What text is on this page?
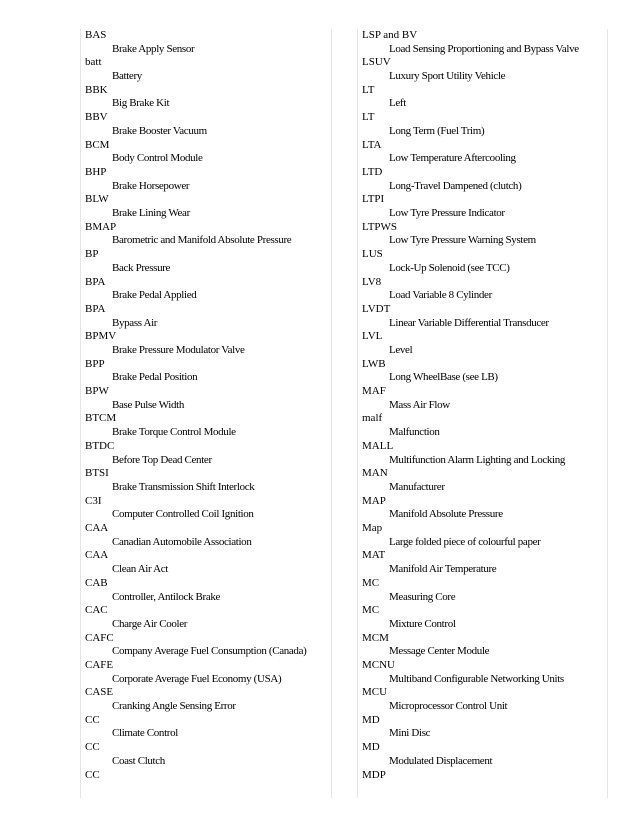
BAS
Brake Apply Sensor
batt
Battery
BBK
Big Brake Kit
BBV
Brake Booster Vacuum
BCM
Body Control Module
BHP
Brake Horsepower
BLW
Brake Lining Wear
BMAP
Barometric and Manifold Absolute Pressure
BP
Back Pressure
BPA
Brake Pedal Applied
BPA
Bypass Air
BPMV
Brake Pressure Modulator Valve
BPP
Brake Pedal Position
BPW
Base Pulse Width
BTCM
Brake Torque Control Module
BTDC
Before Top Dead Center
BTSI
Brake Transmission Shift Interlock
C3I
Computer Controlled Coil Ignition
CAA
Canadian Automobile Association
CAA
Clean Air Act
CAB
Controller, Antilock Brake
CAC
Charge Air Cooler
CAFC
Company Average Fuel Consumption (Canada)
CAFE
Corporate Average Fuel Economy (USA)
CASE
Cranking Angle Sensing Error
CC
Climate Control
CC
Coast Clutch
CC
LSP and BV
Load Sensing Proportioning and Bypass Valve
LSUV
Luxury Sport Utility Vehicle
LT
Left
LT
Long Term (Fuel Trim)
LTA
Low Temperature Aftercooling
LTD
Long-Travel Dampened (clutch)
LTPI
Low Tyre Pressure Indicator
LTPWS
Low Tyre Pressure Warning System
LUS
Lock-Up Solenoid (see TCC)
LV8
Load Variable 8 Cylinder
LVDT
Linear Variable Differential Transducer
LVL
Level
LWB
Long WheelBase (see LB)
MAF
Mass Air Flow
malf
Malfunction
MALL
Multifunction Alarm Lighting and Locking
MAN
Manufacturer
MAP
Manifold Absolute Pressure
Map
Large folded piece of colourful paper
MAT
Manifold Air Temperature
MC
Measuring Core
MC
Mixture Control
MCM
Message Center Module
MCNU
Multiband Configurable Networking Units
MCU
Microprocessor Control Unit
MD
Mini Disc
MD
Modulated Displacement
MDP
